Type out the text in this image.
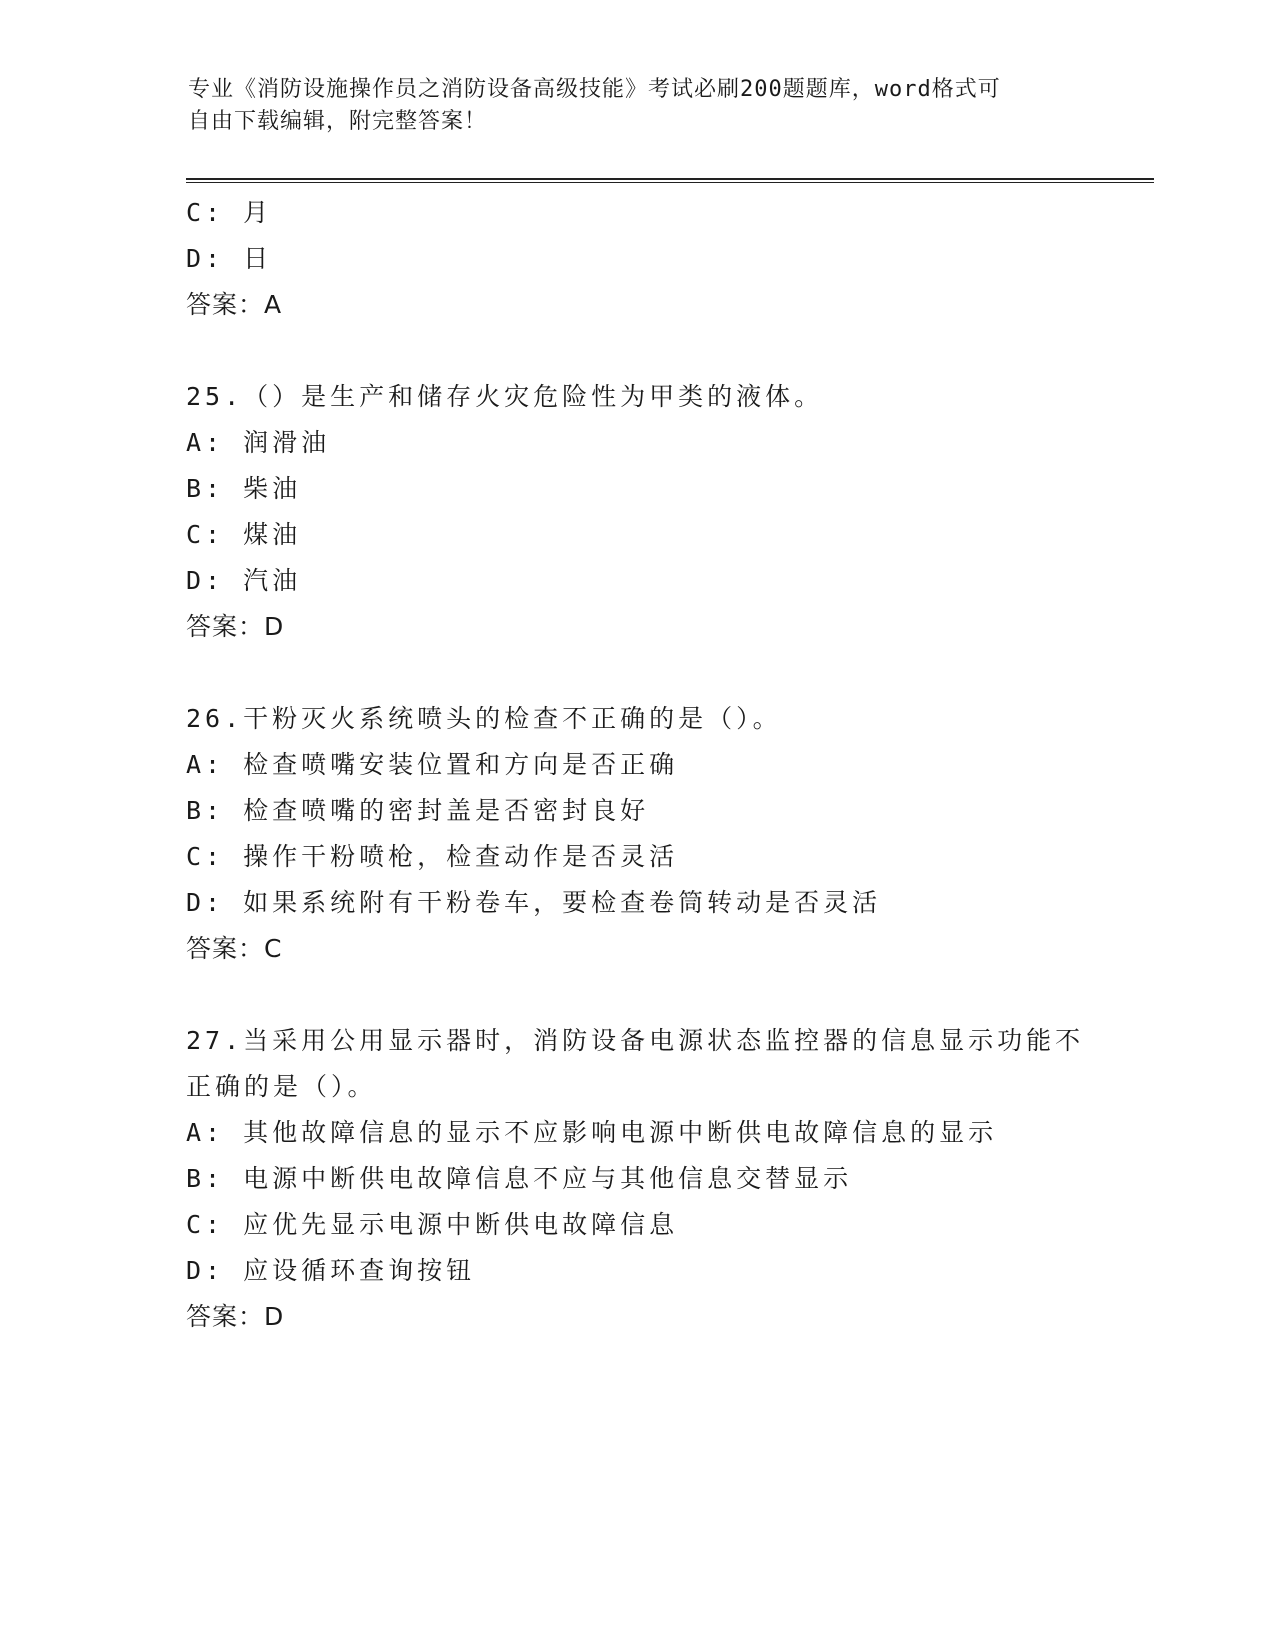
专业《消防设施操作员之消防设备高级技能》考试必刷200题题库，word格式可
自由下载编辑，附完整答案！
C: 月
D: 日
答案：A
25.（）是生产和储存火灾危险性为甲类的液体。
A: 润滑油
B: 柴油
C: 煤油
D: 汽油
答案：D
26.干粉灭火系统喷头的检查不正确的是（）。
A: 检查喷嘴安装位置和方向是否正确
B: 检查喷嘴的密封盖是否密封良好
C: 操作干粉喷枪，检查动作是否灵活
D: 如果系统附有干粉卷车，要检查卷筒转动是否灵活
答案：C
27.当采用公用显示器时，消防设备电源状态监控器的信息显示功能不
正确的是（）。
A: 其他故障信息的显示不应影响电源中断供电故障信息的显示
B: 电源中断供电故障信息不应与其他信息交替显示
C: 应优先显示电源中断供电故障信息
D: 应设循环查询按钮
答案：D
